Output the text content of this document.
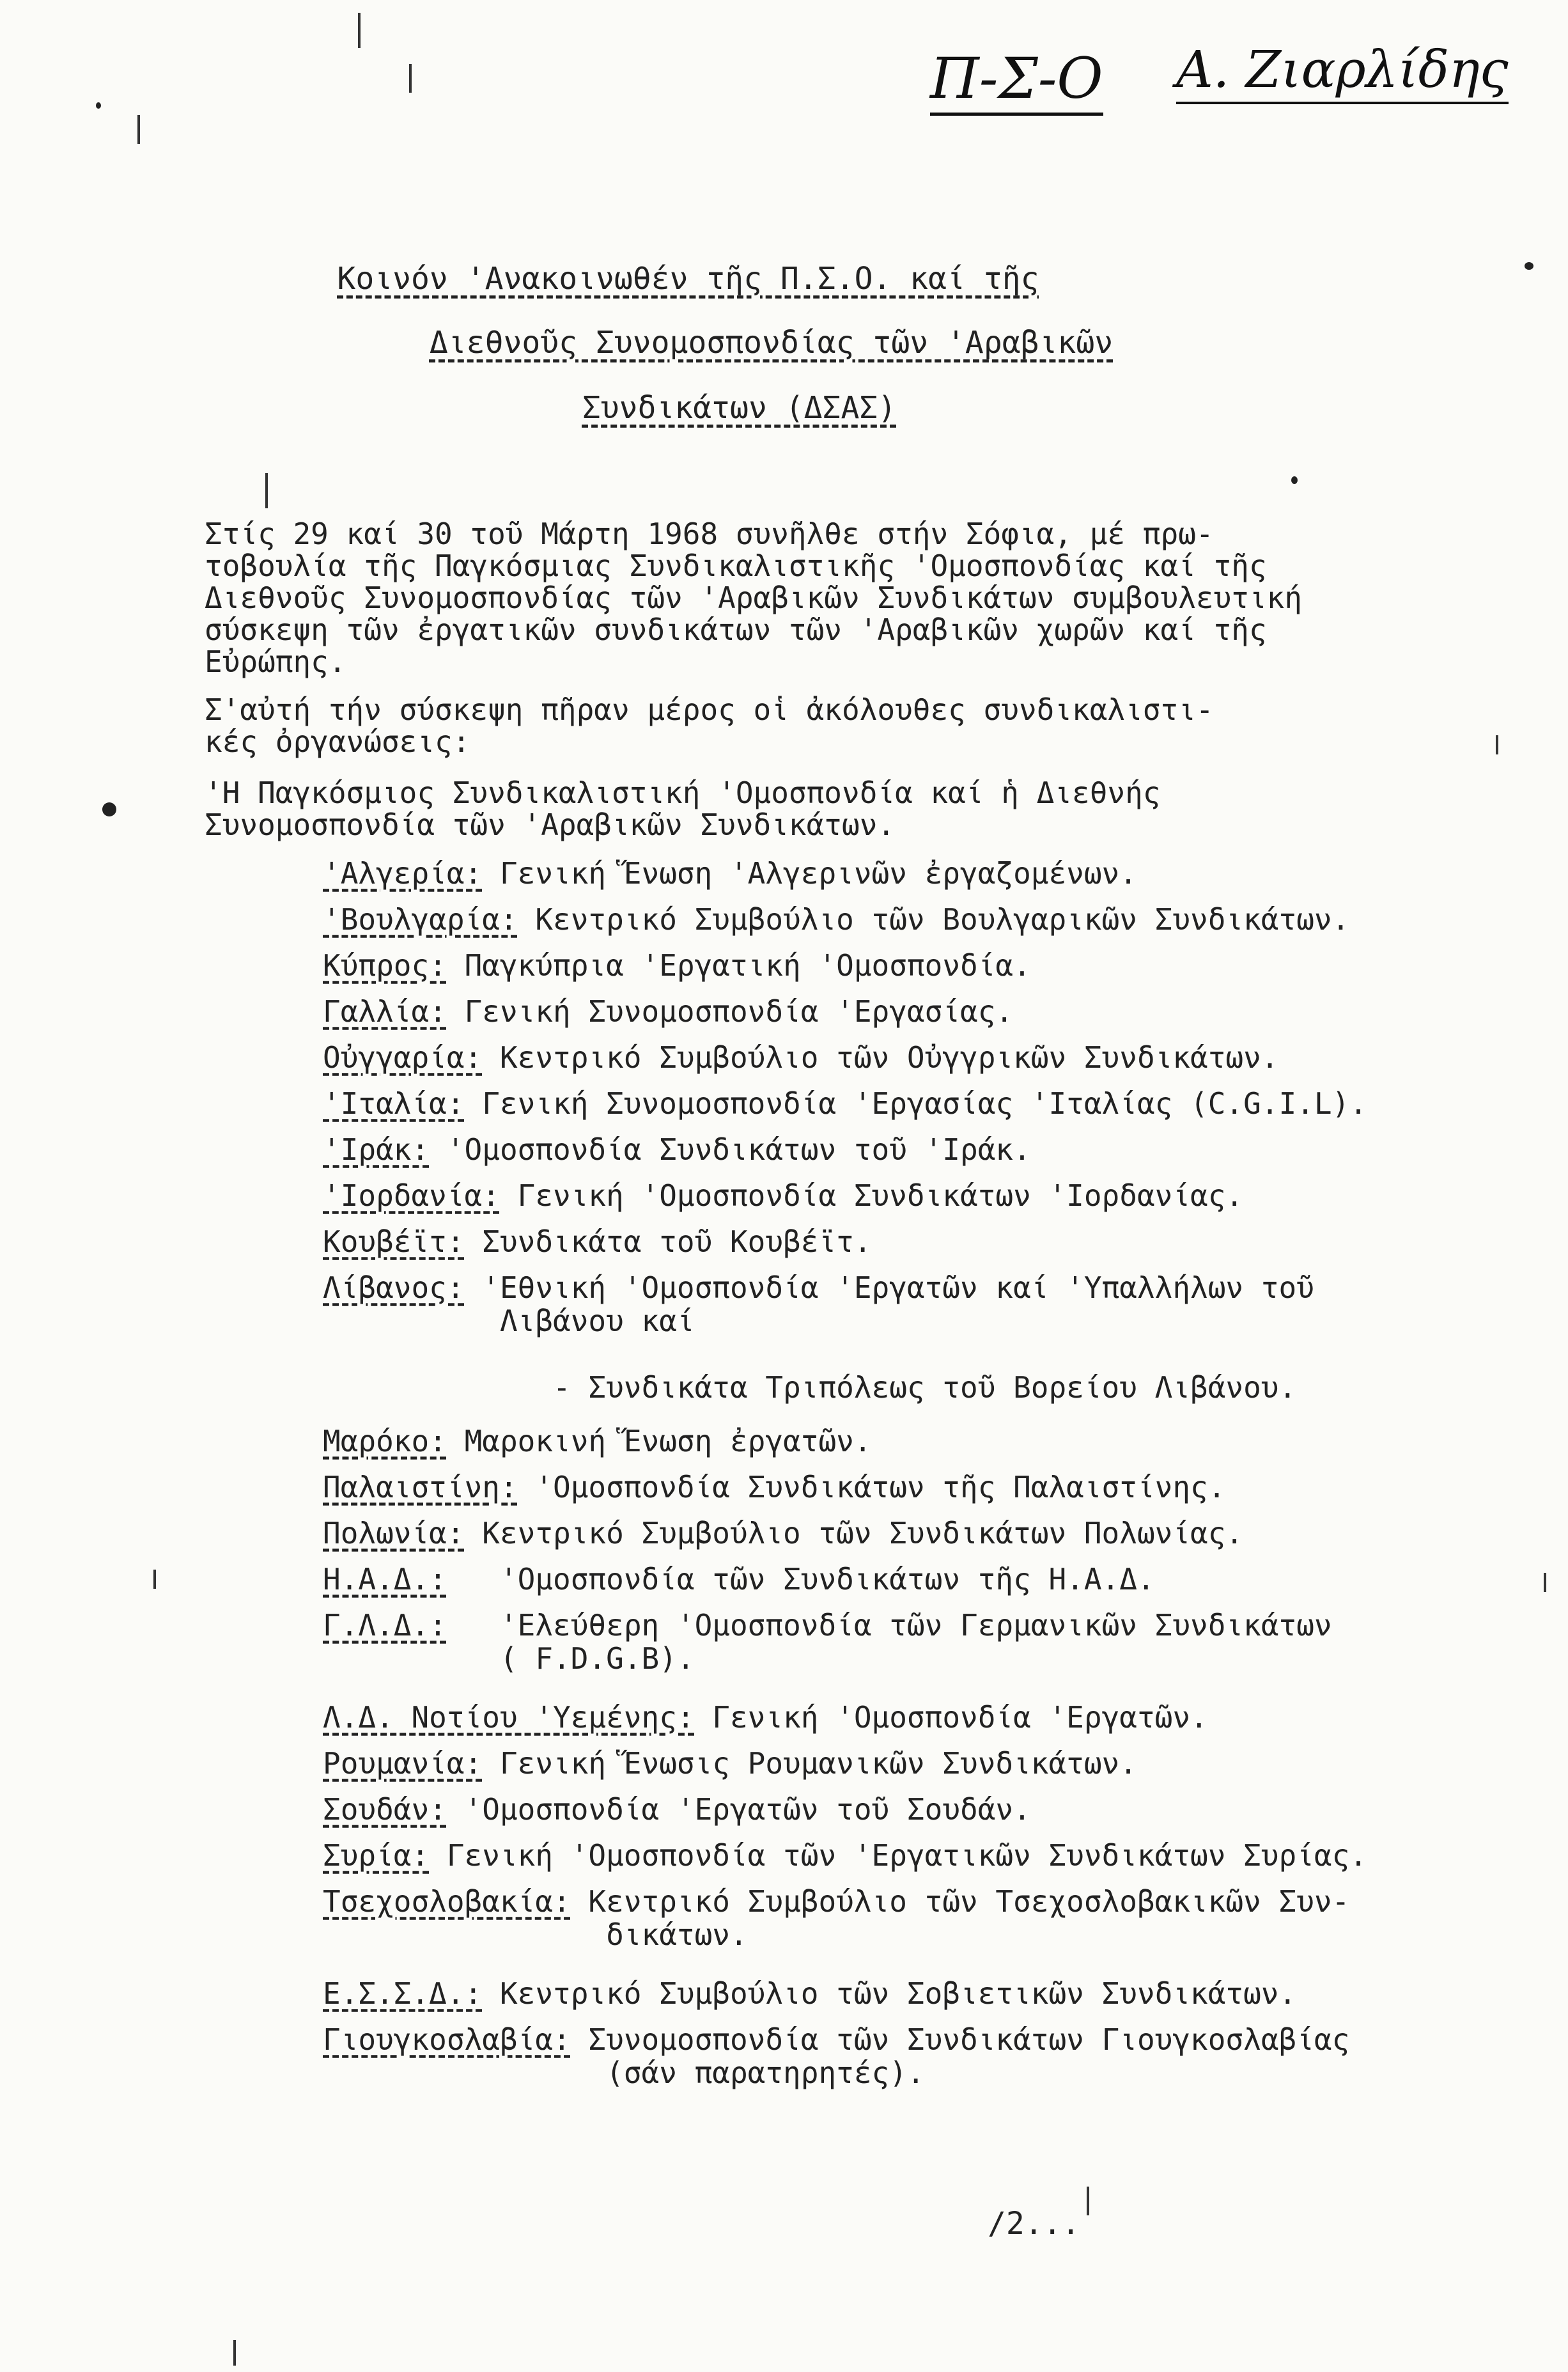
Π-Σ-Ο Α. Ζιαρλίδης
Κοινόν 'Ανακοινωθέν τῆς Π.Σ.Ο. καί τῆς
Διεθνοῦς Συνομοσπονδίας τῶν 'Αραβικῶν
Συνδικάτων (ΔΣΑΣ)
Στίς 29 καί 30 τοῦ Μάρτη 1968 συνῆλθε στήν Σόφια, μέ πρω-
τοβουλία τῆς Παγκόσμιας Συνδικαλιστικῆς 'Ομοσπονδίας καί τῆς
Διεθνοῦς Συνομοσπονδίας τῶν 'Αραβικῶν Συνδικάτων συμβουλευτική
σύσκεψη τῶν ἐργατικῶν συνδικάτων τῶν 'Αραβικῶν χωρῶν καί τῆς
Εὐρώπης.
Σ'αὐτή τήν σύσκεψη πῆραν μέρος οἱ ἀκόλουθες συνδικαλιστι-
κές ὀργανώσεις:
'Η Παγκόσμιος Συνδικαλιστική 'Ομοσπονδία καί ἡ Διεθνής
Συνομοσπονδία τῶν 'Αραβικῶν Συνδικάτων.
'Αλγερία: Γενική Ἕνωση 'Αλγερινῶν ἐργαζομένων.
'Βουλγαρία: Κεντρικό Συμβούλιο τῶν Βουλγαρικῶν Συνδικάτων.
Κύπρος: Παγκύπρια 'Εργατική 'Ομοσπονδία.
Γαλλία: Γενική Συνομοσπονδία 'Εργασίας.
Οὐγγαρία: Κεντρικό Συμβούλιο τῶν Οὐγγρικῶν Συνδικάτων.
'Ιταλία: Γενική Συνομοσπονδία 'Εργασίας 'Ιταλίας (C.G.I.L).
'Ιράκ: 'Ομοσπονδία Συνδικάτων τοῦ 'Ιράκ.
'Ιορδανία: Γενική 'Ομοσπονδία Συνδικάτων 'Ιορδανίας.
Κουβέϊτ: Συνδικάτα τοῦ Κουβέϊτ.
Λίβανος: 'Εθνική 'Ομοσπονδία 'Εργατῶν καί 'Υπαλλήλων τοῦ
Λιβάνου καί

- Συνδικάτα Τριπόλεως τοῦ Βορείου Λιβάνου.
Μαρόκο: Μαροκινή Ἕνωση ἐργατῶν.
Παλαιστίνη: 'Ομοσπονδία Συνδικάτων τῆς Παλαιστίνης.
Πολωνία: Κεντρικό Συμβούλιο τῶν Συνδικάτων Πολωνίας.
Η.Α.Δ.:   'Ομοσπονδία τῶν Συνδικάτων τῆς Η.Α.Δ.
Γ.Λ.Δ.:   'Ελεύθερη 'Ομοσπονδία τῶν Γερμανικῶν Συνδικάτων
( F.D.G.B).
Λ.Δ. Νοτίου 'Υεμένης: Γενική 'Ομοσπονδία 'Εργατῶν.
Ρουμανία: Γενική Ἕνωσις Ρουμανικῶν Συνδικάτων.
Σουδάν: 'Ομοσπονδία 'Εργατῶν τοῦ Σουδάν.
Συρία: Γενική 'Ομοσπονδία τῶν 'Εργατικῶν Συνδικάτων Συρίας.
Τσεχοσλοβακία: Κεντρικό Συμβούλιο τῶν Τσεχοσλοβακικῶν Συν-
δικάτων.
Ε.Σ.Σ.Δ.: Κεντρικό Συμβούλιο τῶν Σοβιετικῶν Συνδικάτων.
Γιουγκοσλαβία: Συνομοσπονδία τῶν Συνδικάτων Γιουγκοσλαβίας
(σάν παρατηρητές).
/2...
